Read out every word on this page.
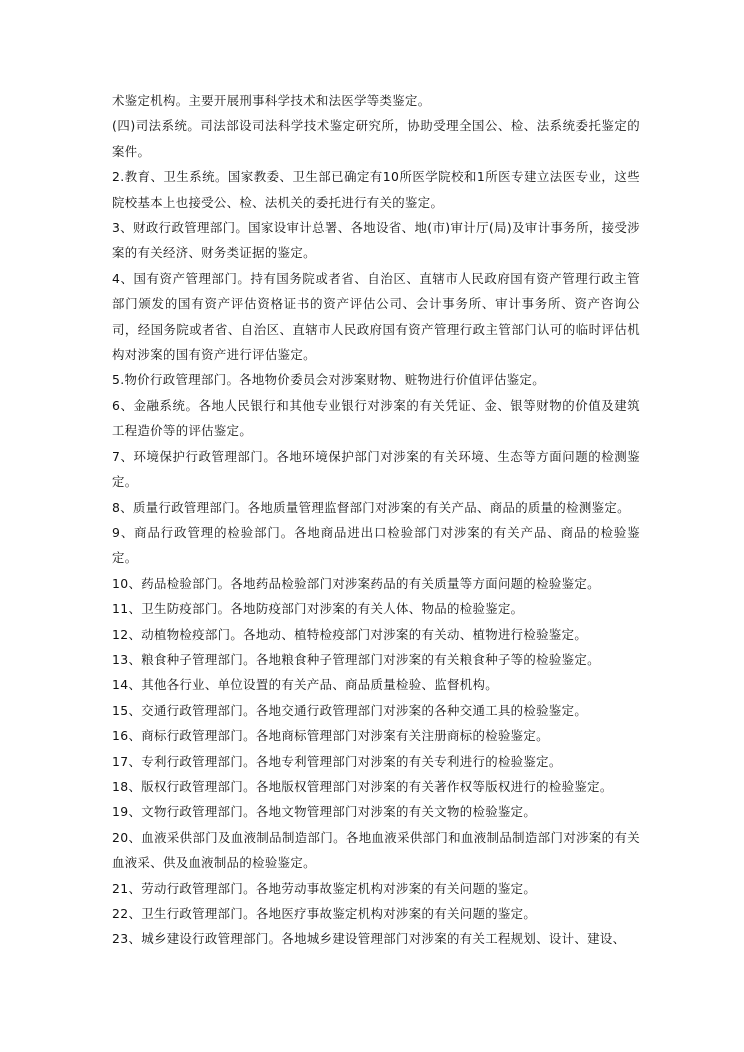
术鉴定机构。主要开展刑事科学技术和法医学等类鉴定。

(四)司法系统。司法部设司法科学技术鉴定研究所，协助受理全国公、检、法系统委托鉴定的案件。

2.教育、卫生系统。国家教委、卫生部已确定有10所医学院校和1所医专建立法医专业，这些院校基本上也接受公、检、法机关的委托进行有关的鉴定。

3、财政行政管理部门。国家设审计总署、各地设省、地(市)审计厅(局)及审计事务所，接受涉案的有关经济、财务类证据的鉴定。

4、国有资产管理部门。持有国务院或者省、自治区、直辖市人民政府国有资产管理行政主管部门颁发的国有资产评估资格证书的资产评估公司、会计事务所、审计事务所、资产咨询公司，经国务院或者省、自治区、直辖市人民政府国有资产管理行政主管部门认可的临时评估机构对涉案的国有资产进行评估鉴定。

5.物价行政管理部门。各地物价委员会对涉案财物、赃物进行价值评估鉴定。

6、金融系统。各地人民银行和其他专业银行对涉案的有关凭证、金、银等财物的价值及建筑工程造价等的评估鉴定。

7、环境保护行政管理部门。各地环境保护部门对涉案的有关环境、生态等方面问题的检测鉴定。

8、质量行政管理部门。各地质量管理监督部门对涉案的有关产品、商品的质量的检测鉴定。

9、商品行政管理的检验部门。各地商品进出口检验部门对涉案的有关产品、商品的检验鉴定。

10、药品检验部门。各地药品检验部门对涉案药品的有关质量等方面问题的检验鉴定。

11、卫生防疫部门。各地防疫部门对涉案的有关人体、物品的检验鉴定。

12、动植物检疫部门。各地动、植特检疫部门对涉案的有关动、植物进行检验鉴定。

13、粮食种子管理部门。各地粮食种子管理部门对涉案的有关粮食种子等的检验鉴定。

14、其他各行业、单位设置的有关产品、商品质量检验、监督机构。

15、交通行政管理部门。各地交通行政管理部门对涉案的各种交通工具的检验鉴定。

16、商标行政管理部门。各地商标管理部门对涉案有关注册商标的检验鉴定。

17、专利行政管理部门。各地专利管理部门对涉案的有关专利进行的检验鉴定。

18、版权行政管理部门。各地版权管理部门对涉案的有关著作权等版权进行的检验鉴定。

19、文物行政管理部门。各地文物管理部门对涉案的有关文物的检验鉴定。

20、血液采供部门及血液制品制造部门。各地血液采供部门和血液制品制造部门对涉案的有关血液采、供及血液制品的检验鉴定。

21、劳动行政管理部门。各地劳动事故鉴定机构对涉案的有关问题的鉴定。

22、卫生行政管理部门。各地医疗事故鉴定机构对涉案的有关问题的鉴定。

23、城乡建设行政管理部门。各地城乡建设管理部门对涉案的有关工程规划、设计、建设、
